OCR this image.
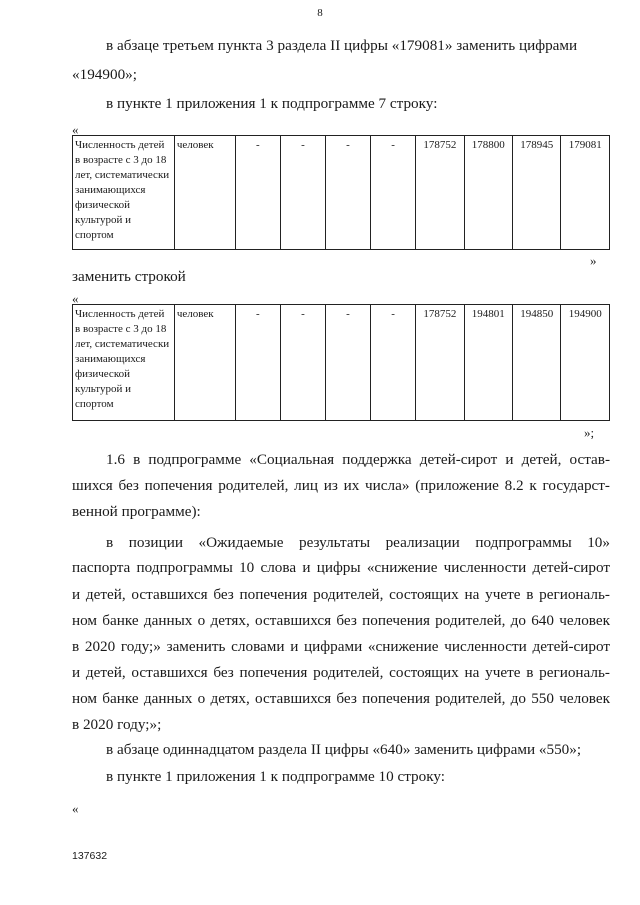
8
в абзаце третьем пункта 3 раздела II цифры «179081» заменить цифрами
«194900»;
в пункте 1 приложения 1 к подпрограмме 7 строку:
«
Численность детей в возрасте с 3 до 18 лет, систематически занимающихся физической культурой и спортом	человек	-	-	-	-	178752	178800	178945	179081
»
заменить строкой
«
Численность детей в возрасте с 3 до 18 лет, систематически занимающихся физической культурой и спортом	человек	-	-	-	-	178752	194801	194850	194900
»;
1.6 в подпрограмме «Социальная поддержка детей-сирот и детей, остав-
шихся без попечения родителей, лиц из их числа» (приложение 8.2 к государст-
венной программе):
в позиции «Ожидаемые результаты реализации подпрограммы 10»
паспорта подпрограммы 10 слова и цифры «снижение численности детей-сирот
и детей, оставшихся без попечения родителей, состоящих на учете в региональ-
ном банке данных о детях, оставшихся без попечения родителей, до 640 человек
в 2020 году;» заменить словами и цифрами «снижение численности детей-сирот
и детей, оставшихся без попечения родителей, состоящих на учете в региональ-
ном банке данных о детях, оставшихся без попечения родителей, до 550 человек
в 2020 году;»;
в абзаце одиннадцатом раздела II цифры «640» заменить цифрами «550»;
в пункте 1 приложения 1 к подпрограмме 10 строку:
«
137632
